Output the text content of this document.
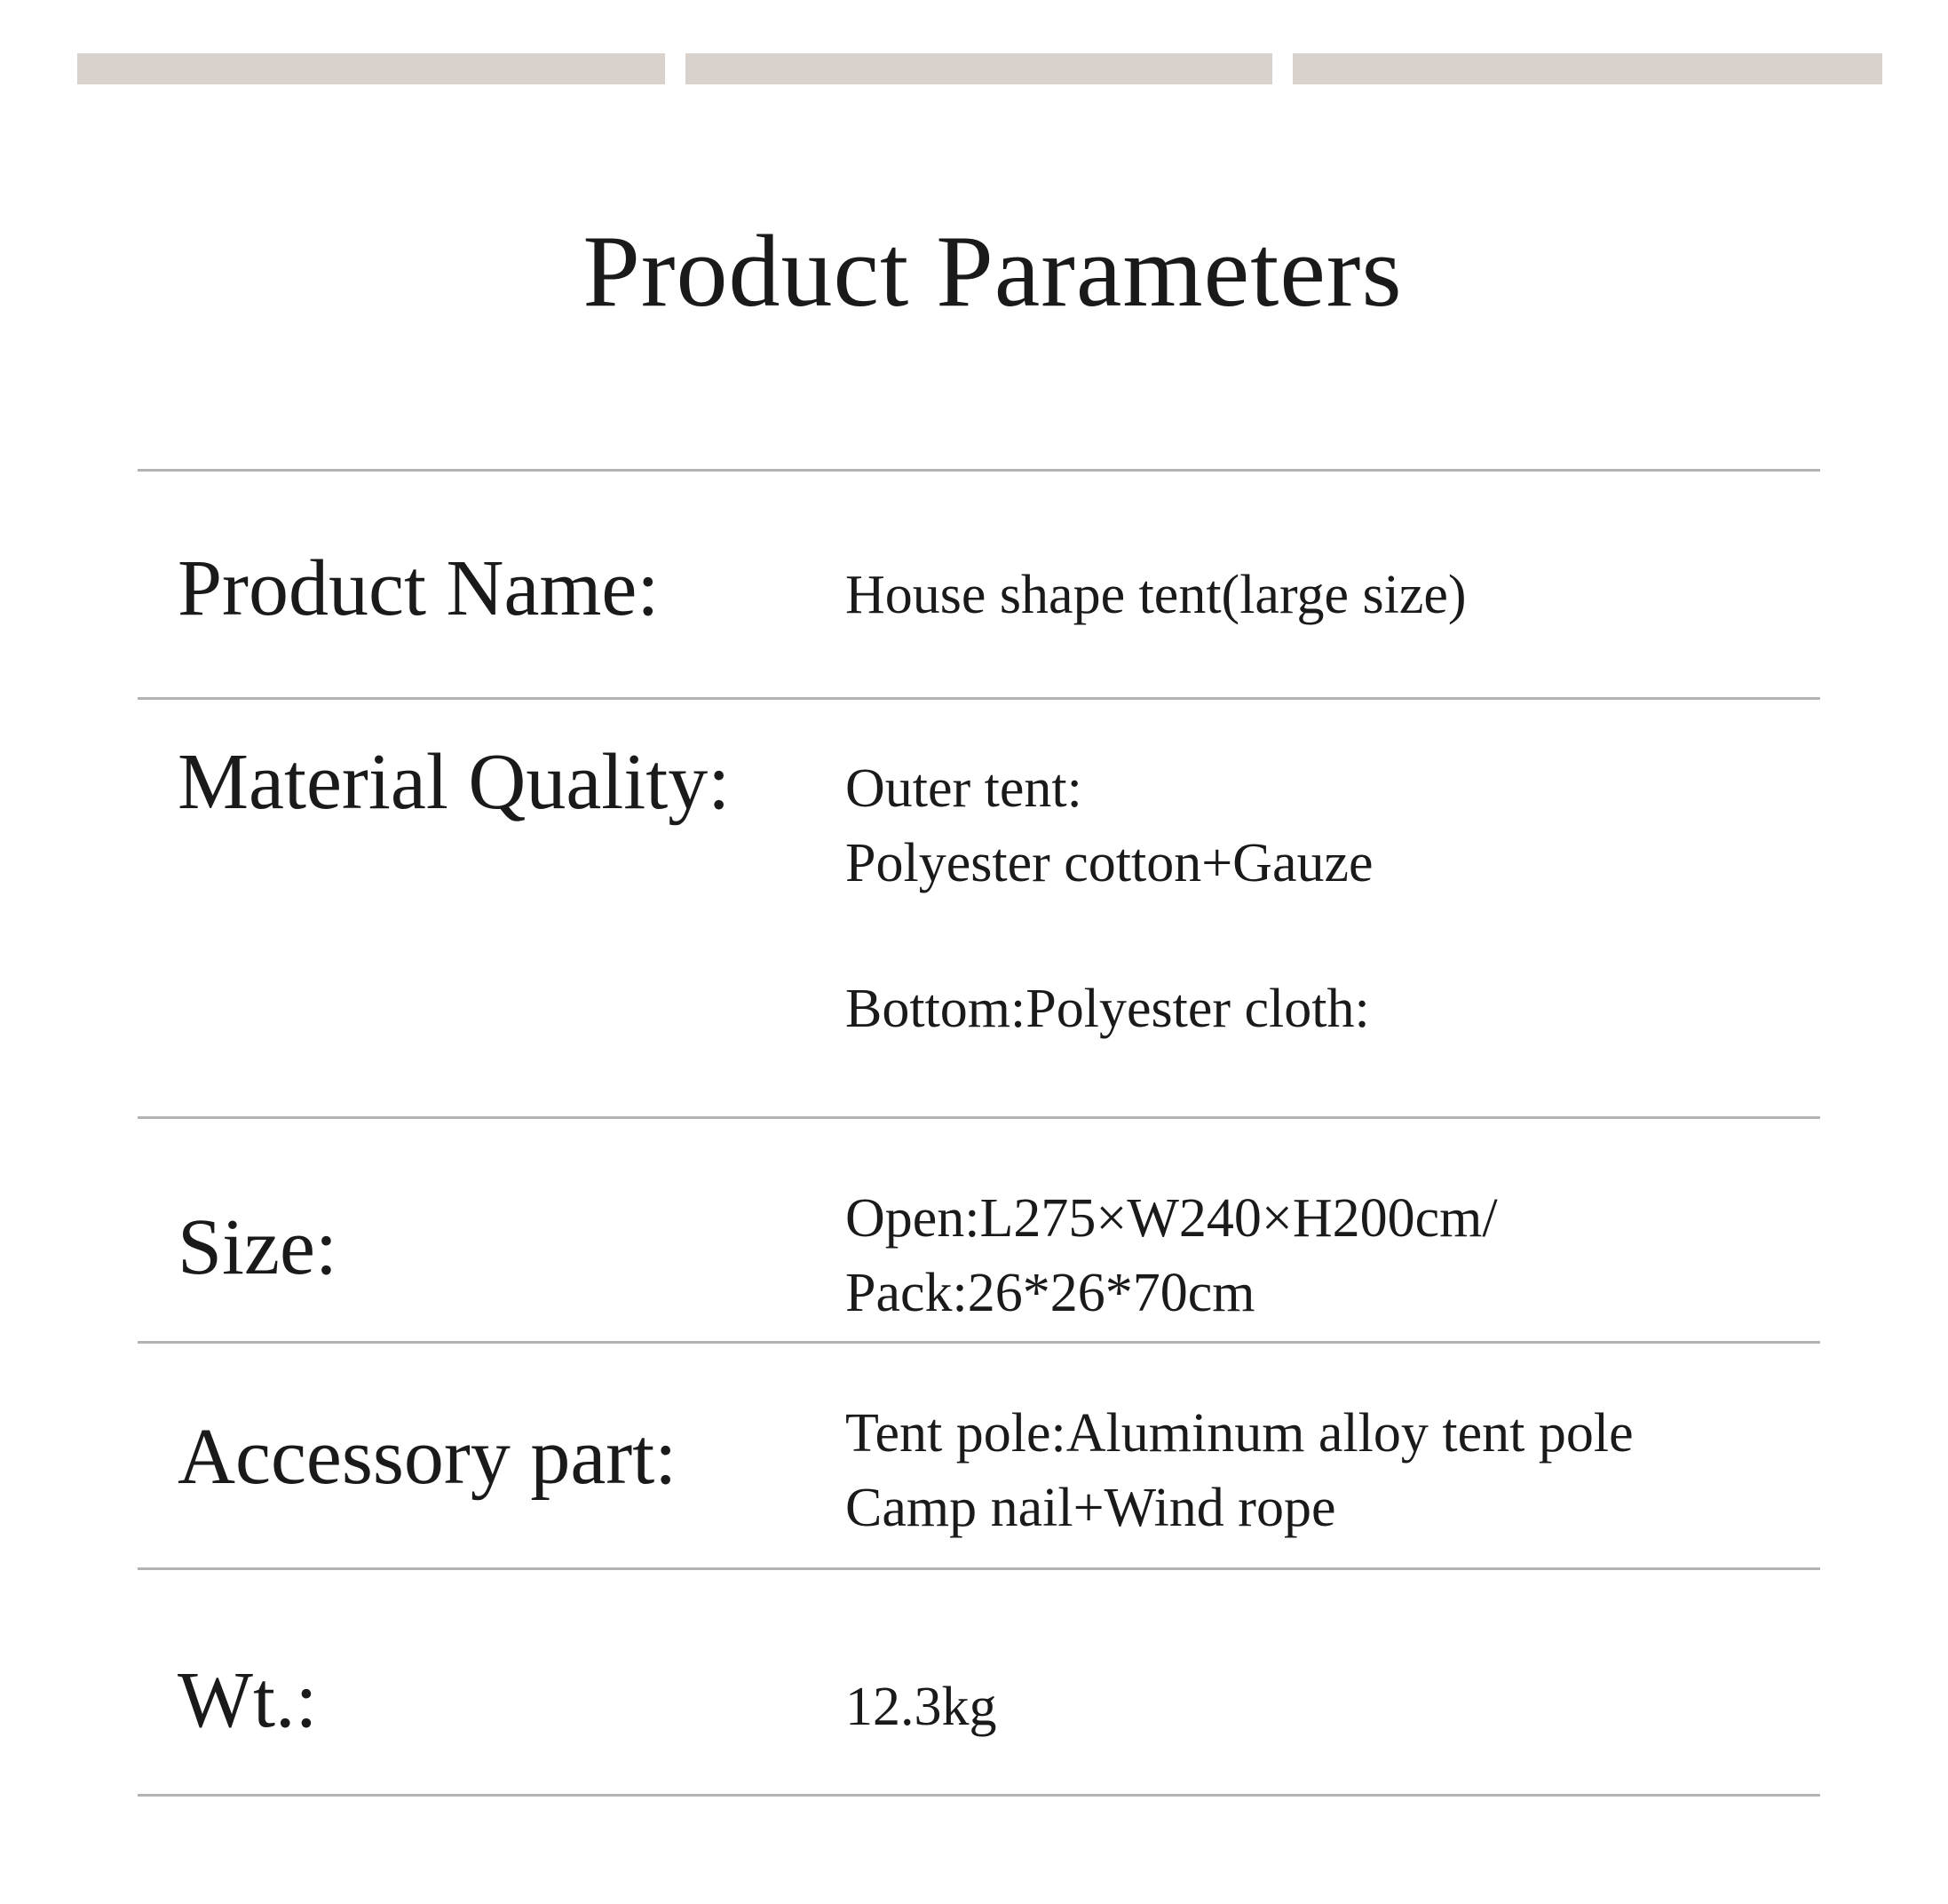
Product Parameters
Product Name:	House shape tent(large size)
Material Quality: Outer tent:
Polyester cotton+Gauze
Bottom:Polyester cloth:
Size:	Open:L275×W240×H200cm/
Pack:26*26*70cm
Accessory part:	Tent pole:Aluminum alloy tent pole
Camp nail+Wind rope
Wt.:	12.3kg
